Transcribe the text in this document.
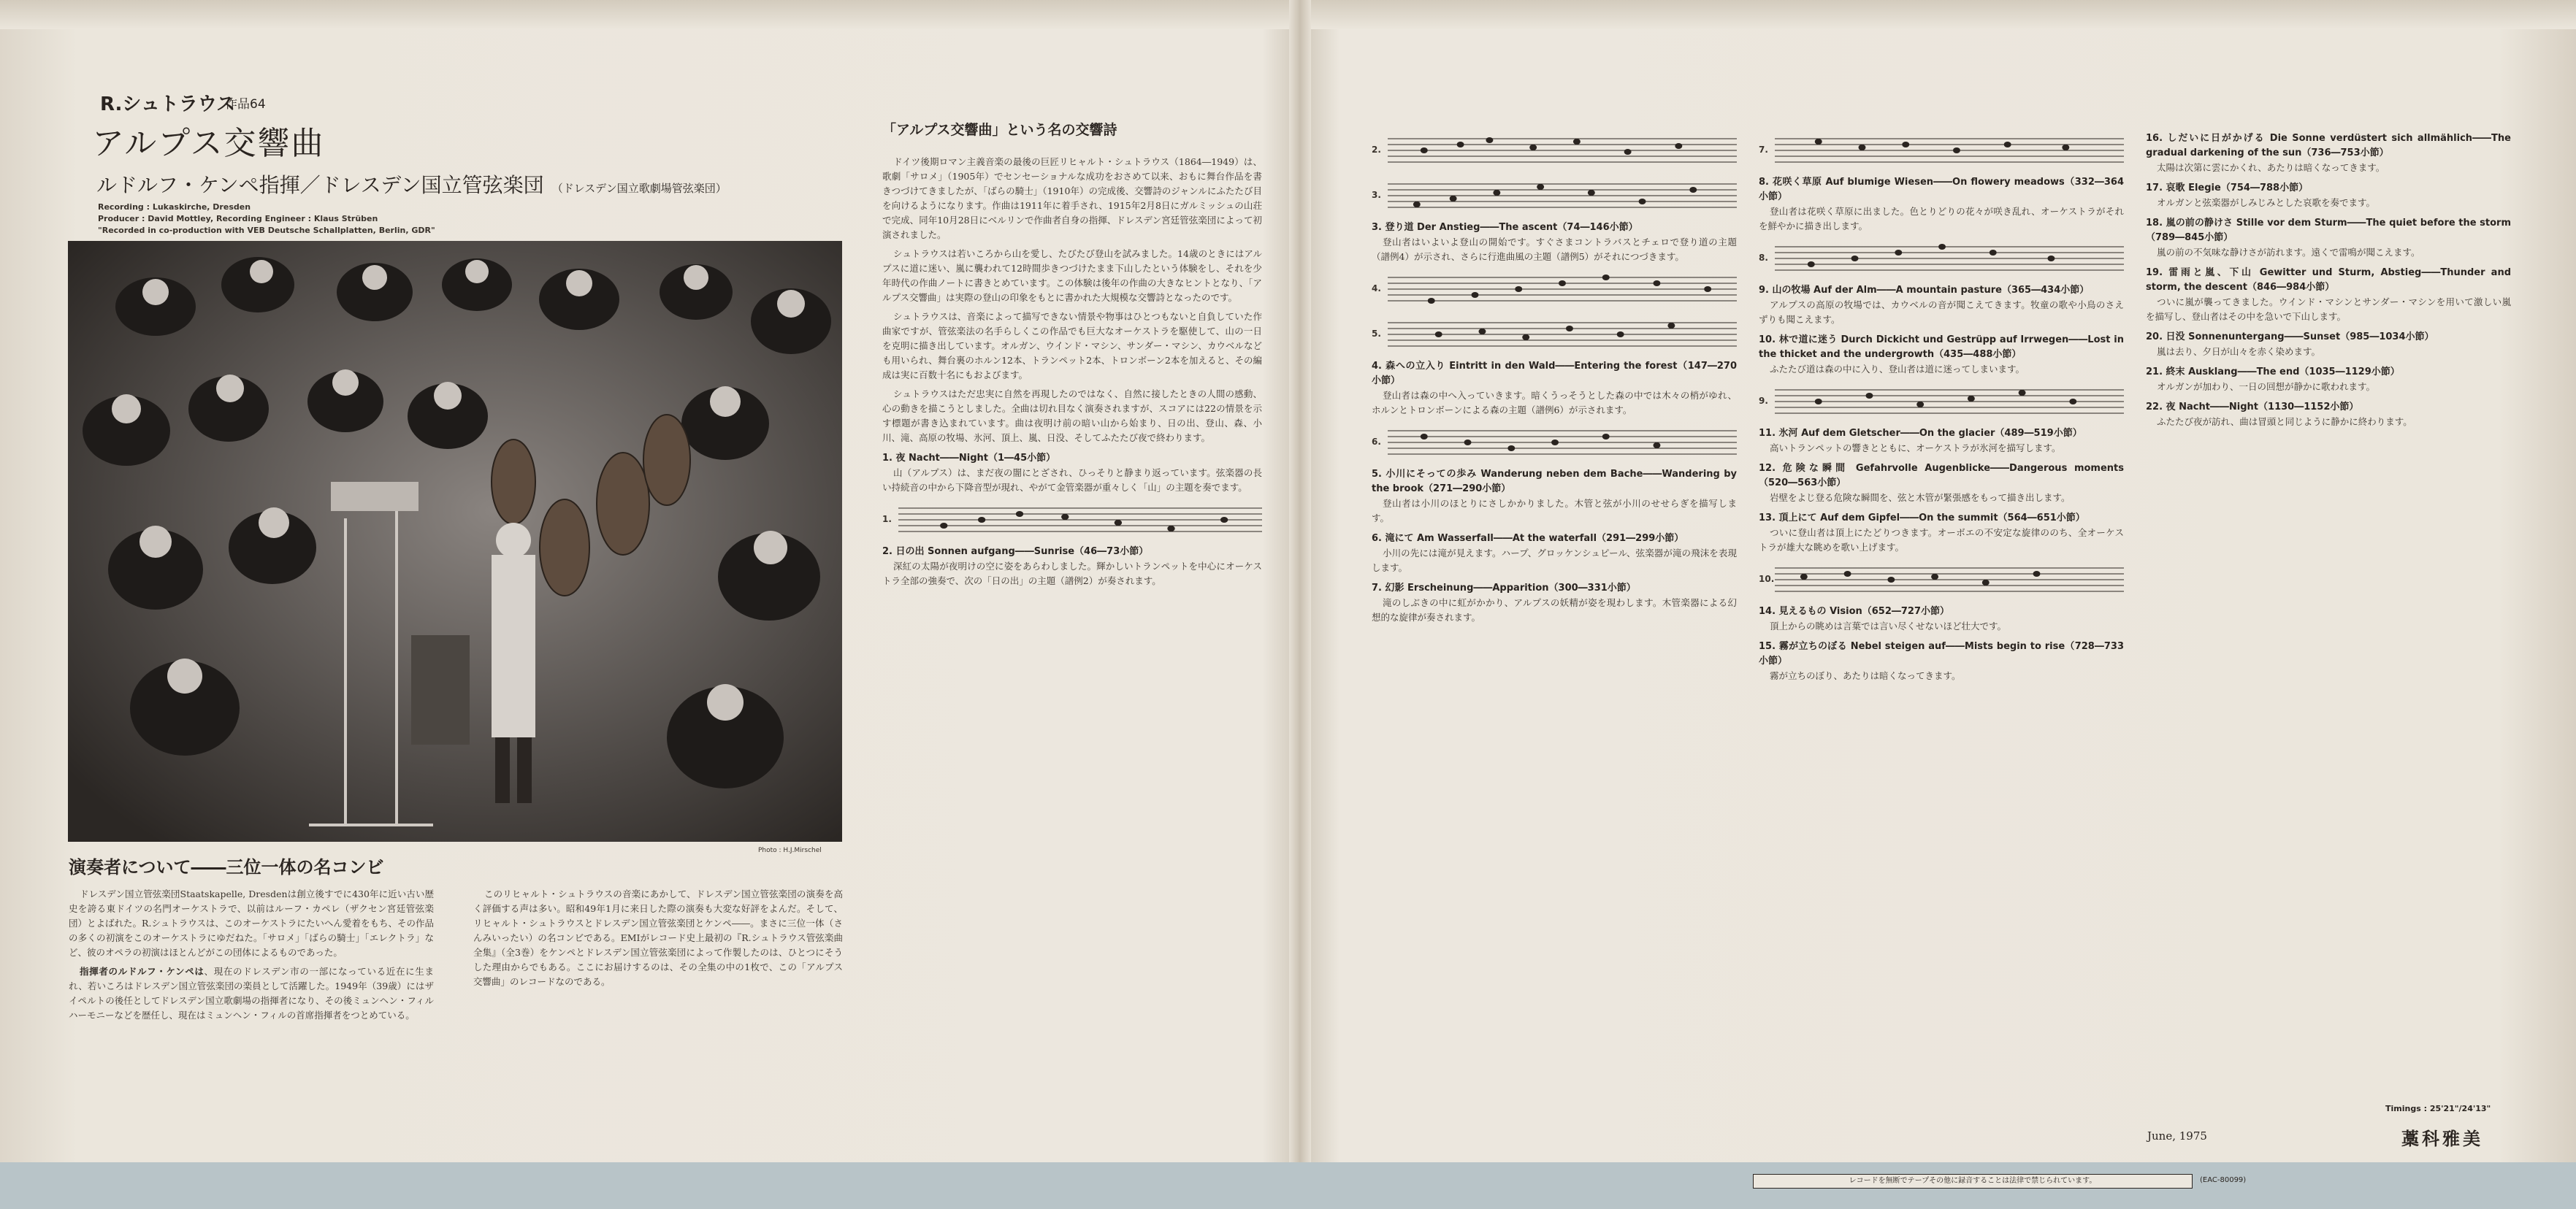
R.シュトラウス
作品64
アルプス交響曲
ルドルフ・ケンペ指揮／ドレスデン国立管弦楽団 （ドレスデン国立歌劇場管弦楽団）
Recording : Lukaskirche, Dresden
Producer : David Mottley, Recording Engineer : Klaus Strüben
"Recorded in co-production with VEB Deutsche Schallplatten, Berlin, GDR"
Photo : H.J.Mirschel
演奏者について――三位一体の名コンビ

ドレスデン国立管弦楽団Staatskapelle, Dresdenは創立後すでに430年に近い古い歴史を誇る東ドイツの名門オーケストラで、以前はルーフ・カペレ（ザクセン宮廷管弦楽団）とよばれた。R.シュトラウスは、このオーケストラにたいへん愛着をもち、その作品の多くの初演をこのオーケストラにゆだねた。「サロメ」「ばらの騎士」「エレクトラ」など、彼のオペラの初演はほとんどがこの団体によるものであった。

指揮者のルドルフ・ケンペは、現在のドレスデン市の一部になっている近在に生まれ、若いころはドレスデン国立管弦楽団の楽員として活躍した。1949年（39歳）にはザイペルトの後任としてドレスデン国立歌劇場の指揮者になり、その後ミュンヘン・フィルハーモニーなどを歴任し、現在はミュンヘン・フィルの首席指揮者をつとめている。

このリヒャルト・シュトラウスの音楽にあかして、ドレスデン国立管弦楽団の演奏を高く評価する声は多い。昭和49年1月に来日した際の演奏も大変な好評をよんだ。そして、リヒャルト・シュトラウスとドレスデン国立管弦楽団とケンペ――。まさに三位一体（さんみいったい）の名コンビである。EMIがレコード史上最初の『R.シュトラウス管弦楽曲全集』（全3巻）をケンペとドレスデン国立管弦楽団によって作製したのは、ひとつにそうした理由からでもある。ここにお届けするのは、その全集の中の1枚で、この「アルプス交響曲」のレコードなのである。

「アルプス交響曲」という名の交響詩

ドイツ後期ロマン主義音楽の最後の巨匠リヒャルト・シュトラウス（1864―1949）は、歌劇「サロメ」（1905年）でセンセーショナルな成功をおさめて以来、おもに舞台作品を書きつづけてきましたが、「ばらの騎士」（1910年）の完成後、交響詩のジャンルにふたたび目を向けるようになります。作曲は1911年に着手され、1915年2月8日にガルミッシュの山荘で完成、同年10月28日にベルリンで作曲者自身の指揮、ドレスデン宮廷管弦楽団によって初演されました。

シュトラウスは若いころから山を愛し、たびたび登山を試みました。14歳のときにはアルプスに道に迷い、嵐に襲われて12時間歩きつづけたまま下山したという体験をし、それを少年時代の作曲ノートに書きとめています。この体験は後年の作曲の大きなヒントとなり、「アルプス交響曲」は実際の登山の印象をもとに書かれた大規模な交響詩となったのです。

シュトラウスは、音楽によって描写できない情景や物事はひとつもないと自負していた作曲家ですが、管弦楽法の名手らしくこの作品でも巨大なオーケストラを駆使して、山の一日を克明に描き出しています。オルガン、ウインド・マシン、サンダー・マシン、カウベルなども用いられ、舞台裏のホルン12本、トランペット2本、トロンボーン2本を加えると、その編成は実に百数十名にもおよびます。

シュトラウスはただ忠実に自然を再現したのではなく、自然に接したときの人間の感動、心の動きを描こうとしました。全曲は切れ目なく演奏されますが、スコアには22の情景を示す標題が書き込まれています。曲は夜明け前の暗い山から始まり、日の出、登山、森、小川、滝、高原の牧場、氷河、頂上、嵐、日没、そしてふたたび夜で終わります。

1. 夜 Nacht――Night（1―45小節）

山（アルプス）は、まだ夜の闇にとざされ、ひっそりと静まり返っています。弦楽器の長い持続音の中から下降音型が現れ、やがて金管楽器が重々しく「山」の主題を奏でます。

1.
2. 日の出 Sonnen aufgang――Sunrise（46―73小節）

深紅の太陽が夜明けの空に姿をあらわしました。輝かしいトランペットを中心にオーケストラ全部の強奏で、次の「日の出」の主題（譜例2）が奏されます。

2.
3.
3. 登り道 Der Anstieg――The ascent（74―146小節）

登山者はいよいよ登山の開始です。すぐさまコントラバスとチェロで登り道の主題（譜例4）が示され、さらに行進曲風の主題（譜例5）がそれにつづきます。

4.
5.
4. 森への立入り Eintritt in den Wald――Entering the forest（147―270小節）

登山者は森の中へ入っていきます。暗くうっそうとした森の中では木々の梢がゆれ、ホルンとトロンボーンによる森の主題（譜例6）が示されます。

6.
5. 小川にそっての歩み Wanderung neben dem Bache――Wandering by the brook（271―290小節）

登山者は小川のほとりにさしかかりました。木管と弦が小川のせせらぎを描写します。

6. 滝にて Am Wasserfall――At the waterfall（291―299小節）

小川の先には滝が見えます。ハープ、グロッケンシュピール、弦楽器が滝の飛沫を表現します。

7. 幻影 Erscheinung――Apparition（300―331小節）

滝のしぶきの中に虹がかかり、アルプスの妖精が姿を現わします。木管楽器による幻想的な旋律が奏されます。

7.
8. 花咲く草原 Auf blumige Wiesen――On flowery meadows（332―364小節）

登山者は花咲く草原に出ました。色とりどりの花々が咲き乱れ、オーケストラがそれを鮮やかに描き出します。

8.
9. 山の牧場 Auf der Alm――A mountain pasture（365―434小節）

アルプスの高原の牧場では、カウベルの音が聞こえてきます。牧童の歌や小鳥のさえずりも聞こえます。

10. 林で道に迷う Durch Dickicht und Gestrüpp auf Irrwegen――Lost in the thicket and the undergrowth（435―488小節）

ふたたび道は森の中に入り、登山者は道に迷ってしまいます。

9.
11. 氷河 Auf dem Gletscher――On the glacier（489―519小節）

高いトランペットの響きとともに、オーケストラが氷河を描写します。

12. 危険な瞬間 Gefahrvolle Augenblicke――Dangerous moments（520―563小節）

岩壁をよじ登る危険な瞬間を、弦と木管が緊張感をもって描き出します。

13. 頂上にて Auf dem Gipfel――On the summit（564―651小節）

ついに登山者は頂上にたどりつきます。オーボエの不安定な旋律ののち、全オーケストラが雄大な眺めを歌い上げます。

10.
14. 見えるもの Vision（652―727小節）

頂上からの眺めは言葉では言い尽くせないほど壮大です。

15. 霧が立ちのぼる Nebel steigen auf――Mists begin to rise（728―733小節）

霧が立ちのぼり、あたりは暗くなってきます。

16. しだいに日がかげる Die Sonne verdüstert sich allmählich――The gradual darkening of the sun（736―753小節）

太陽は次第に雲にかくれ、あたりは暗くなってきます。

17. 哀歌 Elegie（754―788小節）

オルガンと弦楽器がしみじみとした哀歌を奏でます。

18. 嵐の前の静けさ Stille vor dem Sturm――The quiet before the storm（789―845小節）

嵐の前の不気味な静けさが訪れます。遠くで雷鳴が聞こえます。

19. 雷雨と嵐、下山 Gewitter und Sturm, Abstieg――Thunder and storm, the descent（846―984小節）

ついに嵐が襲ってきました。ウインド・マシンとサンダー・マシンを用いて激しい嵐を描写し、登山者はその中を急いで下山します。

20. 日没 Sonnenuntergang――Sunset（985―1034小節）

嵐は去り、夕日が山々を赤く染めます。

21. 終末 Ausklang――The end（1035―1129小節）

オルガンが加わり、一日の回想が静かに歌われます。

22. 夜 Nacht――Night（1130―1152小節）

ふたたび夜が訪れ、曲は冒頭と同じように静かに終わります。

Timings : 25'21"/24'13"
June, 1975	藁科雅美
レコードを無断でテープその他に録音することは法律で禁じられています。	(EAC-80099)
